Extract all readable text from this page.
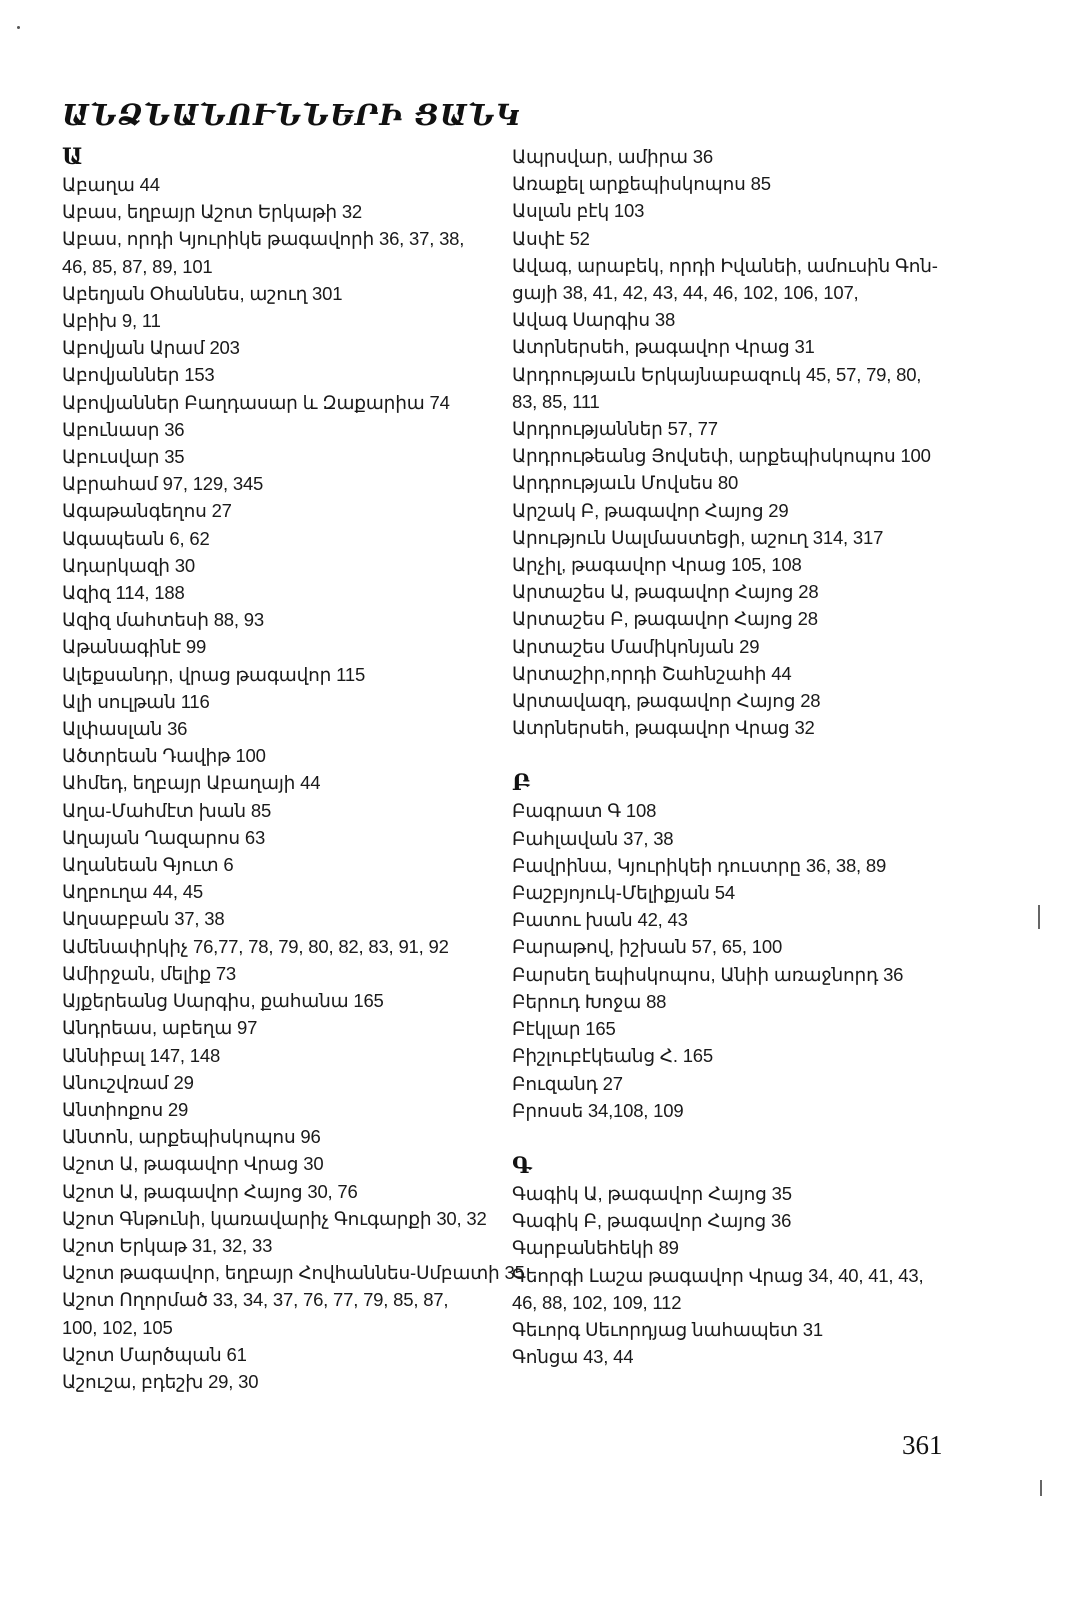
ԱՆՁՆԱՆՈՒՆՆԵՐԻ ՑԱՆԿ
Ա
Աբաղա 44
Աբաս, եղբայր Աշոտ Երկաթի 32
Աբաս, որդի Կյուրիկե թագավորի 36, 37, 38,
46, 85, 87, 89, 101
Աբեղյան Օհաննես, աշուղ 301
Աբիխ 9, 11
Աբովյան Արամ 203
Աբովյաններ 153
Աբովյաններ Բաղդասար և Զաքարիա 74
Աբունասր 36
Աբուսվար 35
Աբրահամ 97, 129, 345
Ագաթանգեղոս 27
Ագապեան 6, 62
Ադարկազի 30
Ազիզ 114, 188
Ազիզ մահտեսի 88, 93
Աթանագինէ 99
Ալեքսանդր, վրաց թագավոր 115
Ալի սուլթան 116
Ալփասլան 36
Ածտրեան Դավիթ 100
Ահմեդ, եղբայր Աբաղայի 44
Աղա-Մահմէտ խան 85
Աղայան Ղազարոս 63
Աղանեան Գյուտ 6
Աղբուղա 44, 45
Աղսաբբան 37, 38
Ամենափրկիչ 76,77, 78, 79, 80, 82, 83, 91, 92
Ամիրջան, մելիք 73
Այքերեանց Սարգիս, քահանա 165
Անդրեաս, աբեղա 97
Աննիբալ 147, 148
Անուշվռամ 29
Անտիոքոս 29
Անտոն, արքեպիսկոպոս 96
Աշոտ Ա, թագավոր Վրաց 30
Աշոտ Ա, թագավոր Հայոց 30, 76
Աշոտ Գնթունի, կառավարիչ Գուգարքի 30, 32
Աշոտ Երկաթ 31, 32, 33
Աշոտ թագավոր, եղբայր Հովհաննես-Սմբատի 35
Աշոտ Ողորմած 33, 34, 37, 76, 77, 79, 85, 87,
100, 102, 105
Աշոտ Մարծպան 61
Աշուշա, բդեշխ 29, 30
Ապրսվար, ամիրա 36
Առաքել արքեպիսկոպոս 85
Ասլան բէկ 103
Ասփէ 52
Ավագ, արաբեկ, որդի Իվանեի, ամուսին Գոն-
ցայի 38, 41, 42, 43, 44, 46, 102, 106, 107,
Ավագ Սարգիս 38
Ատրներսեհ, թագավոր Վրաց 31
Արդրությաւն Երկայնաբազուկ 45, 57, 79, 80,
83, 85, 111
Արդրությաններ 57, 77
Արդրութեանց Յովսեփ, արքեպիսկոպոս 100
Արդրությաւն Մովսես 80
Արշակ Բ, թագավոր Հայոց 29
Արություն Սալմաստեցի, աշուղ 314, 317
Արչիլ, թագավոր Վրաց 105, 108
Արտաշես Ա, թագավոր Հայոց 28
Արտաշես Բ, թագավոր Հայոց 28
Արտաշես Մամիկոնյան 29
Արտաշիր,որդի Շահնշահի 44
Արտավազդ, թագավոր Հայոց 28
Ատրներսեհ, թագավոր Վրաց 32
Բ
Բագրատ Գ 108
Բահլավան 37, 38
Բավրինա, Կյուրիկեի դուստրը 36, 38, 89
Բաշբյոյուկ-Մելիքյան 54
Բատու խան 42, 43
Բարաթով, իշխան 57, 65, 100
Բարսեղ եպիսկոպոս, Անիի առաջնորդ 36
Բերուդ Խոջա 88
Բէկլար 165
Բիշլուբէկեանց Հ. 165
Բուզանդ 27
Բրոսսե 34,108, 109
Գ
Գագիկ Ա, թագավոր Հայոց 35
Գագիկ Բ, թագավոր Հայոց 36
Գարբանեհեկի 89
Գեորգի Լաշա թագավոր Վրաց 34, 40, 41, 43,
46, 88, 102, 109, 112
Գեւորգ Սեւորդյաց նահապետ 31
Գոնցա 43, 44
361
